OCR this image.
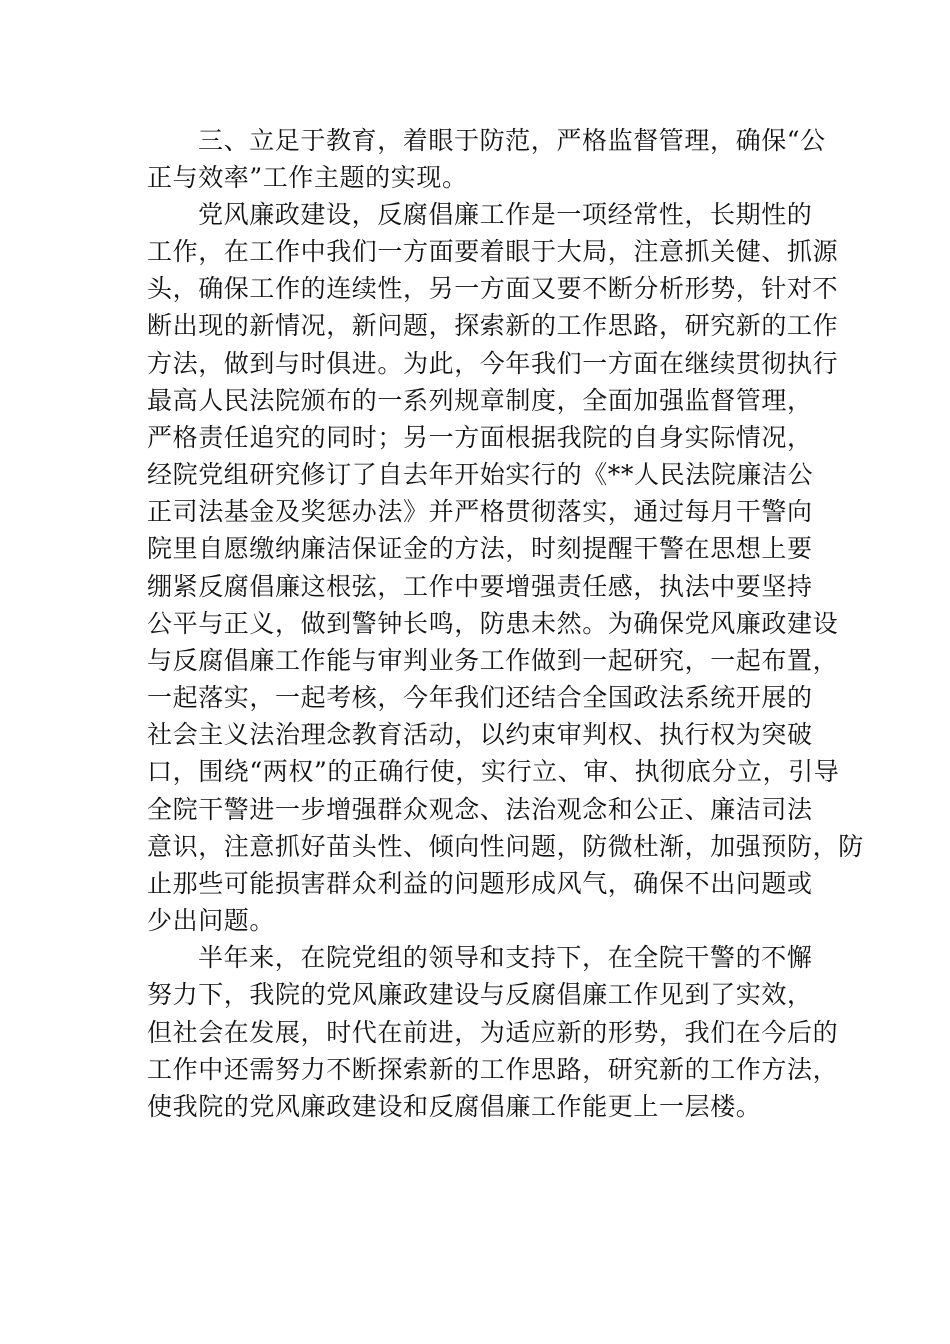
三、立足于教育，着眼于防范，严格监督管理，确保“公
正与效率”工作主题的实现。
党风廉政建设，反腐倡廉工作是一项经常性，长期性的
工作，在工作中我们一方面要着眼于大局，注意抓关健、抓源
头，确保工作的连续性，另一方面又要不断分析形势，针对不
断出现的新情况，新问题，探索新的工作思路，研究新的工作
方法，做到与时俱进。为此，今年我们一方面在继续贯彻执行
最高人民法院颁布的一系列规章制度，全面加强监督管理，
严格责任追究的同时；另一方面根据我院的自身实际情况，
经院党组研究修订了自去年开始实行的《**人民法院廉洁公
正司法基金及奖惩办法》并严格贯彻落实，通过每月干警向
院里自愿缴纳廉洁保证金的方法，时刻提醒干警在思想上要
绷紧反腐倡廉这根弦，工作中要增强责任感，执法中要坚持
公平与正义，做到警钟长鸣，防患未然。为确保党风廉政建设
与反腐倡廉工作能与审判业务工作做到一起研究，一起布置，
一起落实，一起考核，今年我们还结合全国政法系统开展的
社会主义法治理念教育活动，以约束审判权、执行权为突破
口，围绕“两权”的正确行使，实行立、审、执彻底分立，引导
全院干警进一步增强群众观念、法治观念和公正、廉洁司法
意识，注意抓好苗头性、倾向性问题，防微杜渐，加强预防，防
止那些可能损害群众利益的问题形成风气，确保不出问题或
少出问题。
半年来，在院党组的领导和支持下，在全院干警的不懈
努力下，我院的党风廉政建设与反腐倡廉工作见到了实效，
但社会在发展，时代在前进，为适应新的形势，我们在今后的
工作中还需努力不断探索新的工作思路，研究新的工作方法，
使我院的党风廉政建设和反腐倡廉工作能更上一层楼。
